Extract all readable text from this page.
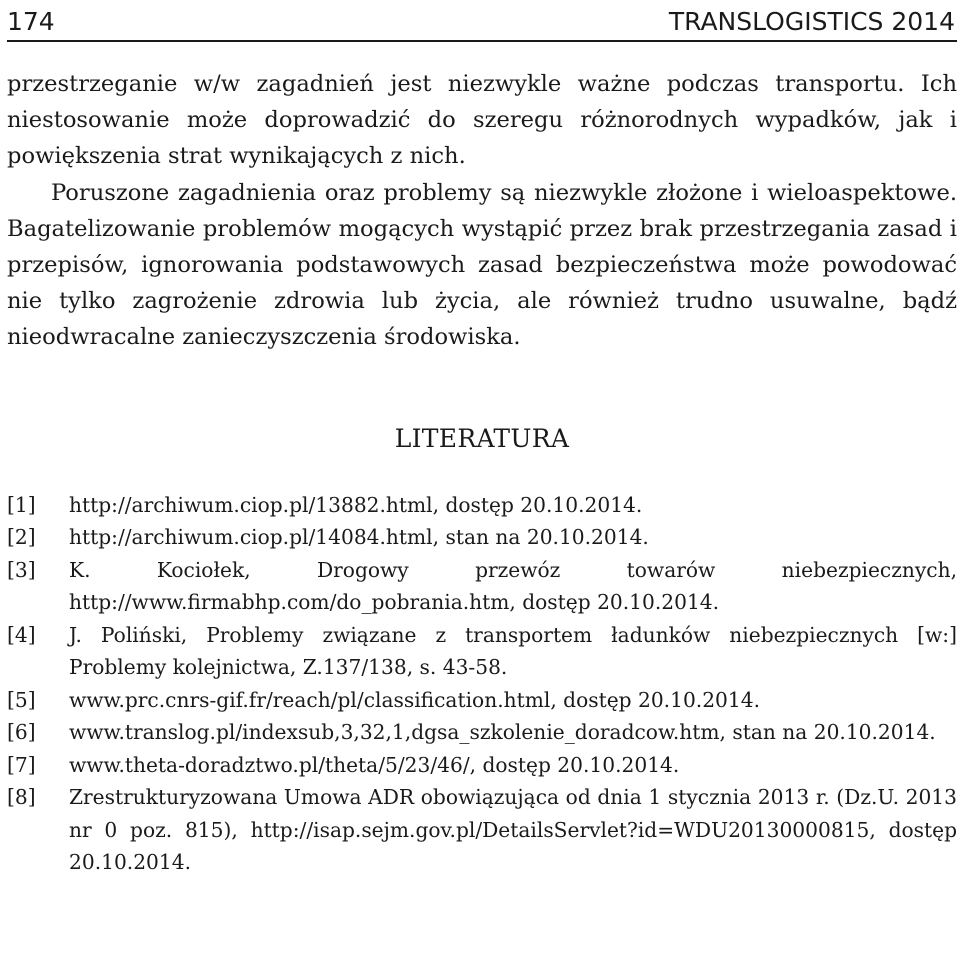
174	TRANSLOGISTICS 2014

przestrzeganie w/w zagadnień jest niezwykle ważne podczas transportu. Ich niestosowanie może doprowadzić do szeregu różnorodnych wypadków, jak i powiększenia strat wynikających z nich.

Poruszone zagadnienia oraz problemy są niezwykle złożone i wieloaspektowe. Bagatelizowanie problemów mogących wystąpić przez brak przestrzegania zasad i przepisów, ignorowania podstawowych zasad bezpieczeństwa może powodować nie tylko zagrożenie zdrowia lub życia, ale również trudno usuwalne, bądź nieodwracalne zanieczyszczenia środowiska.

LITERATURA
[1]	http://archiwum.ciop.pl/13882.html, dostęp 20.10.2014.
[2]	http://archiwum.ciop.pl/14084.html, stan na 20.10.2014.
[3]	K. Kociołek, Drogowy przewóz towarów niebezpiecznych, http://www.firmabhp.com/do_pobrania.htm, dostęp 20.10.2014.
[4]	J. Poliński, Problemy związane z transportem ładunków niebezpiecznych [w:] Problemy kolejnictwa, Z.137/138, s. 43-58.
[5]	www.prc.cnrs-gif.fr/reach/pl/classification.html, dostęp 20.10.2014.
[6]	www.translog.pl/indexsub,3,32,1,dgsa_szkolenie_doradcow.htm, stan na 20.10.2014.
[7]	www.theta-doradztwo.pl/theta/5/23/46/, dostęp 20.10.2014.
[8]	Zrestrukturyzowana Umowa ADR obowiązująca od dnia 1 stycznia 2013 r. (Dz.U. 2013 nr 0 poz. 815), http://isap.sejm.gov.pl/DetailsServlet?id=WDU20130000815, dostęp 20.10.2014.
